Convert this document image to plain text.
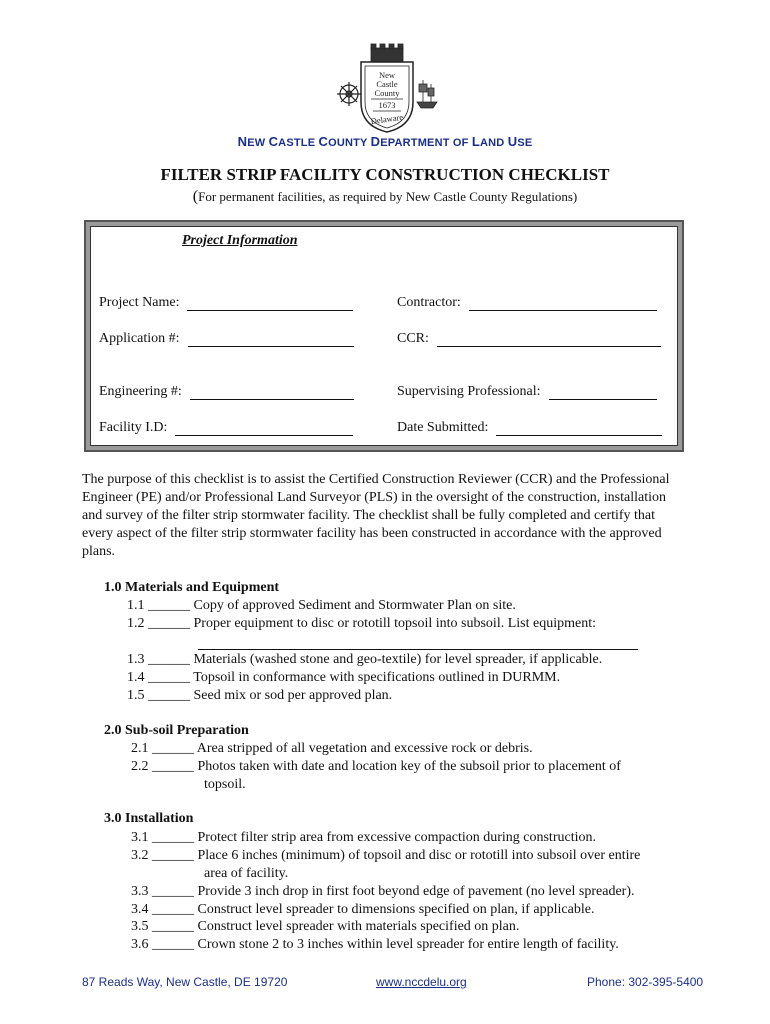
New
Castle
County
1673
Delaware
NEW CASTLE COUNTY DEPARTMENT OF LAND USE
FILTER STRIP FACILITY CONSTRUCTION CHECKLIST
(For permanent facilities, as required by New Castle County Regulations)
Project Information
Project Name:	Contractor:
Application #:	CCR:
Engineering #:	Supervising Professional:
Facility I.D:	Date Submitted:
The purpose of this checklist is to assist the Certified Construction Reviewer (CCR) and the Professional Engineer (PE) and/or Professional Land Surveyor (PLS) in the oversight of the construction, installation and survey of the filter strip stormwater facility. The checklist shall be fully completed and certify that every aspect of the filter strip stormwater facility has been constructed in accordance with the approved plans.
1.0 Materials and Equipment
1.1 ______ Copy of approved Sediment and Stormwater Plan on site.
1.2 ______ Proper equipment to disc or rototill topsoil into subsoil. List equipment:
1.3 ______ Materials (washed stone and geo-textile) for level spreader, if applicable.
1.4 ______ Topsoil in conformance with specifications outlined in DURMM.
1.5 ______ Seed mix or sod per approved plan.
2.0 Sub-soil Preparation
2.1 ______ Area stripped of all vegetation and excessive rock or debris.
2.2 ______ Photos taken with date and location key of the subsoil prior to placement of
topsoil.
3.0 Installation
3.1 ______ Protect filter strip area from excessive compaction during construction.
3.2 ______ Place 6 inches (minimum) of topsoil and disc or rototill into subsoil over entire
area of facility.
3.3 ______ Provide 3 inch drop in first foot beyond edge of pavement (no level spreader).
3.4 ______ Construct level spreader to dimensions specified on plan, if applicable.
3.5 ______ Construct level spreader with materials specified on plan.
3.6 ______ Crown stone 2 to 3 inches within level spreader for entire length of facility.
87 Reads Way, New Castle, DE 19720	www.nccdelu.org	Phone: 302-395-5400
